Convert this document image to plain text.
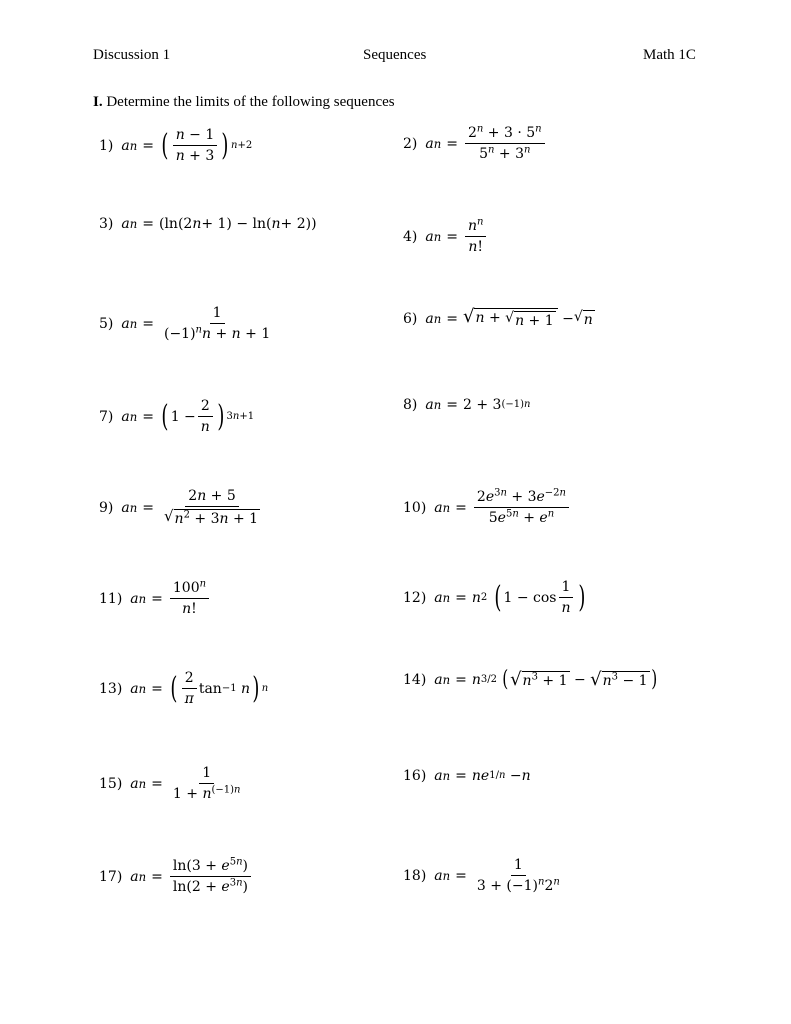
Discussion 1	Sequences	Math 1C
I. Determine the limits of the following sequences
1) a n = ( $\frac{n - 1}{n + 3}$ ) n+2	2) a $n = \frac{2^n + 3 \cdot 5^n}{5^n + 3^n}$
3) a n = (ln(2 n + 1) − ln( n + 2))
4) a $n = \frac{n^n}{n!}$
5) a $n = \frac{1}{(-1)^nn + n + 1}$	6) a n = √ n + √ n + 1 − √ n
7) a n = ( $1 - \frac{2}{n}$ ) 3n+1
8) a n = 2 + 3 (−1)n
9) a $n = \frac{2n + 5}{√ n^2 + 3n + 1}$	10) a $n = \frac{2e^{3n} + 3e^{-2n}}{5e^{5n} + e^n}$
11) a $n = \frac{100^n}{n!}$	12) a n = n 2
( $1 - \cos \frac{1}{n}$ )
13) a n = ( $\frac{2}{\pi}$ tan −1
n ) n
14) a n = n 3/2
( √ $n^3 + 1$ − √ $n^3 - 1$ )
15) a $n = \frac{1}{1 + n^{(-1)n}}$	16) a n = n e 1/n − n
17) a $n = \frac{\ln(3 + e^{5n})}{\ln(2 + e^{3n})}$	18) a $n = \frac{1}{3 + (-1)^n2^n}$
